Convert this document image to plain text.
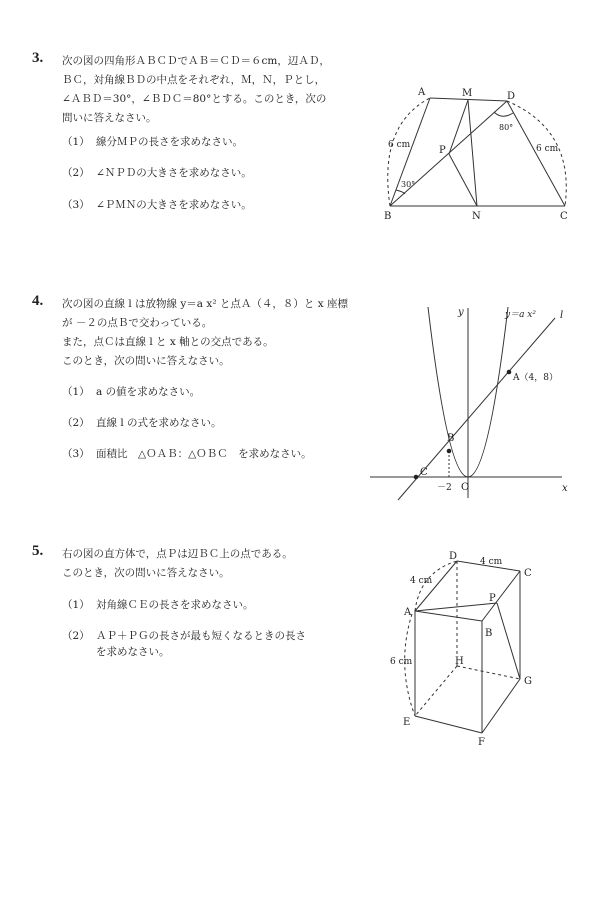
3. 次の図の四角形ＡＢＣＤでＡＢ＝ＣＤ＝６cm，辺ＡＤ，
ＢＣ，対角線ＢＤの中点をそれぞれ，Ｍ，Ｎ，Ｐとし，
∠ＡＢＤ＝30°，∠ＢＤＣ＝80°とする。このとき，次の
問いに答えなさい。
（1） 線分ＭＰの長さを求めなさい。
（2） ∠ＮＰＤの大きさを求めなさい。
（3） ∠ＰＭＮの大きさを求めなさい。
4. 次の図の直線 l は放物線 y＝a x² と点Ａ（４，８）と x 座標
が －２の点Ｂで交わっている。
また，点Ｃは直線 l と x 軸との交点である。
このとき，次の問いに答えなさい。
（1） a の値を求めなさい。
（2） 直線 l の式を求めなさい。
（3） 面積比　△ＯＡＢ：△ＯＢＣ　を求めなさい。
5. 右の図の直方体で，点Ｐは辺ＢＣ上の点である。
このとき，次の問いに答えなさい。
（1） 対角線ＣＥの長さを求めなさい。
（2） ＡＰ＋ＰＧの長さが最も短くなるときの長さ
を求めなさい。
A	M	D
P
B	N	C
6 cm	6 cm
30°
80°
y
x
y＝a x² l
A（4，8）
B
C
O
－2
D
C
A
P
B
H
G
E
F
4 cm
4 cm
6 cm
